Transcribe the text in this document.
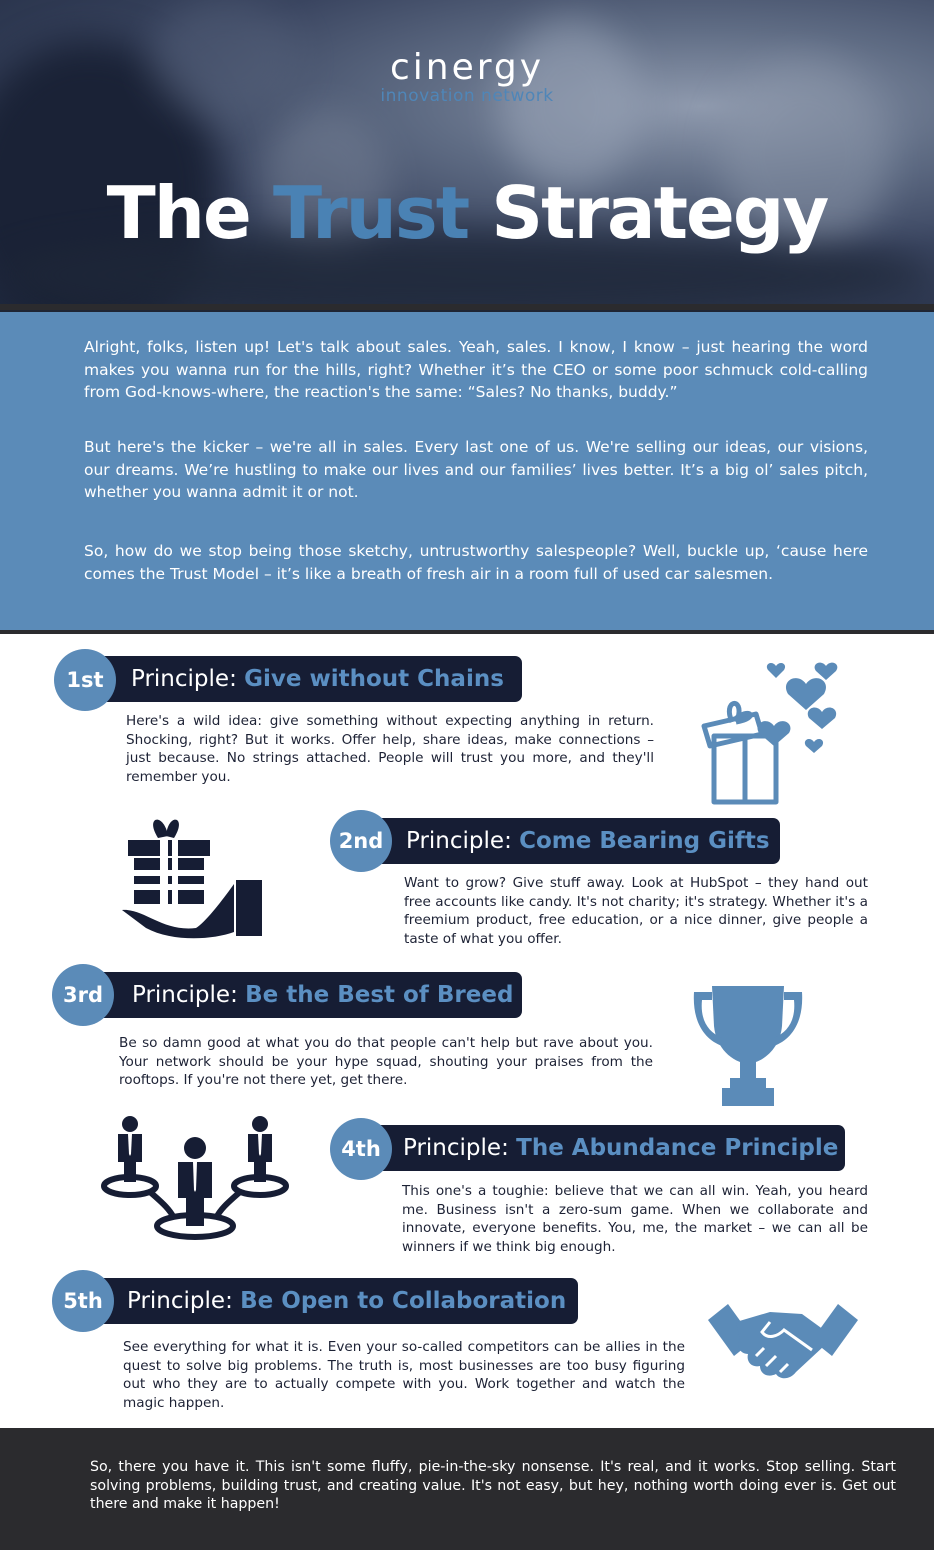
cinergy
innovation network
The Trust Strategy

Alright, folks, listen up! Let's talk about sales. Yeah, sales. I know, I know – just hearing the word makes you wanna run for the hills, right? Whether it’s the CEO or some poor schmuck cold-calling from God-knows-where, the reaction's the same: “Sales? No thanks, buddy.”

But here's the kicker – we're all in sales. Every last one of us. We're selling our ideas, our visions, our dreams. We’re hustling to make our lives and our families’ lives better. It’s a big ol’ sales pitch, whether you wanna admit it or not.

So, how do we stop being those sketchy, untrustworthy salespeople? Well, buckle up, ‘cause here comes the Trust Model – it’s like a breath of fresh air in a room full of used car salesmen.

Principle: Give without Chains
1st

Here's a wild idea: give something without expecting anything in return. Shocking, right? But it works. Offer help, share ideas, make connections – just because. No strings attached. People will trust you more, and they'll remember you.

Principle: Come Bearing Gifts
2nd

Want to grow? Give stuff away. Look at HubSpot – they hand out free accounts like candy. It's not charity; it's strategy. Whether it's a freemium product, free education, or a nice dinner, give people a taste of what you offer.

Principle: Be the Best of Breed
3rd

Be so damn good at what you do that people can't help but rave about you. Your network should be your hype squad, shouting your praises from the rooftops. If you're not there yet, get there.

Principle: The Abundance Principle
4th

This one's a toughie: believe that we can all win. Yeah, you heard me. Business isn't a zero-sum game. When we collaborate and innovate, everyone benefits. You, me, the market – we can all be winners if we think big enough.

Principle: Be Open to Collaboration
5th

See everything for what it is. Even your so-called competitors can be allies in the quest to solve big problems. The truth is, most businesses are too busy figuring out who they are to actually compete with you. Work together and watch the magic happen.

So, there you have it. This isn't some fluffy, pie-in-the-sky nonsense. It's real, and it works. Stop selling. Start solving problems, building trust, and creating value. It's not easy, but hey, nothing worth doing ever is. Get out there and make it happen!
